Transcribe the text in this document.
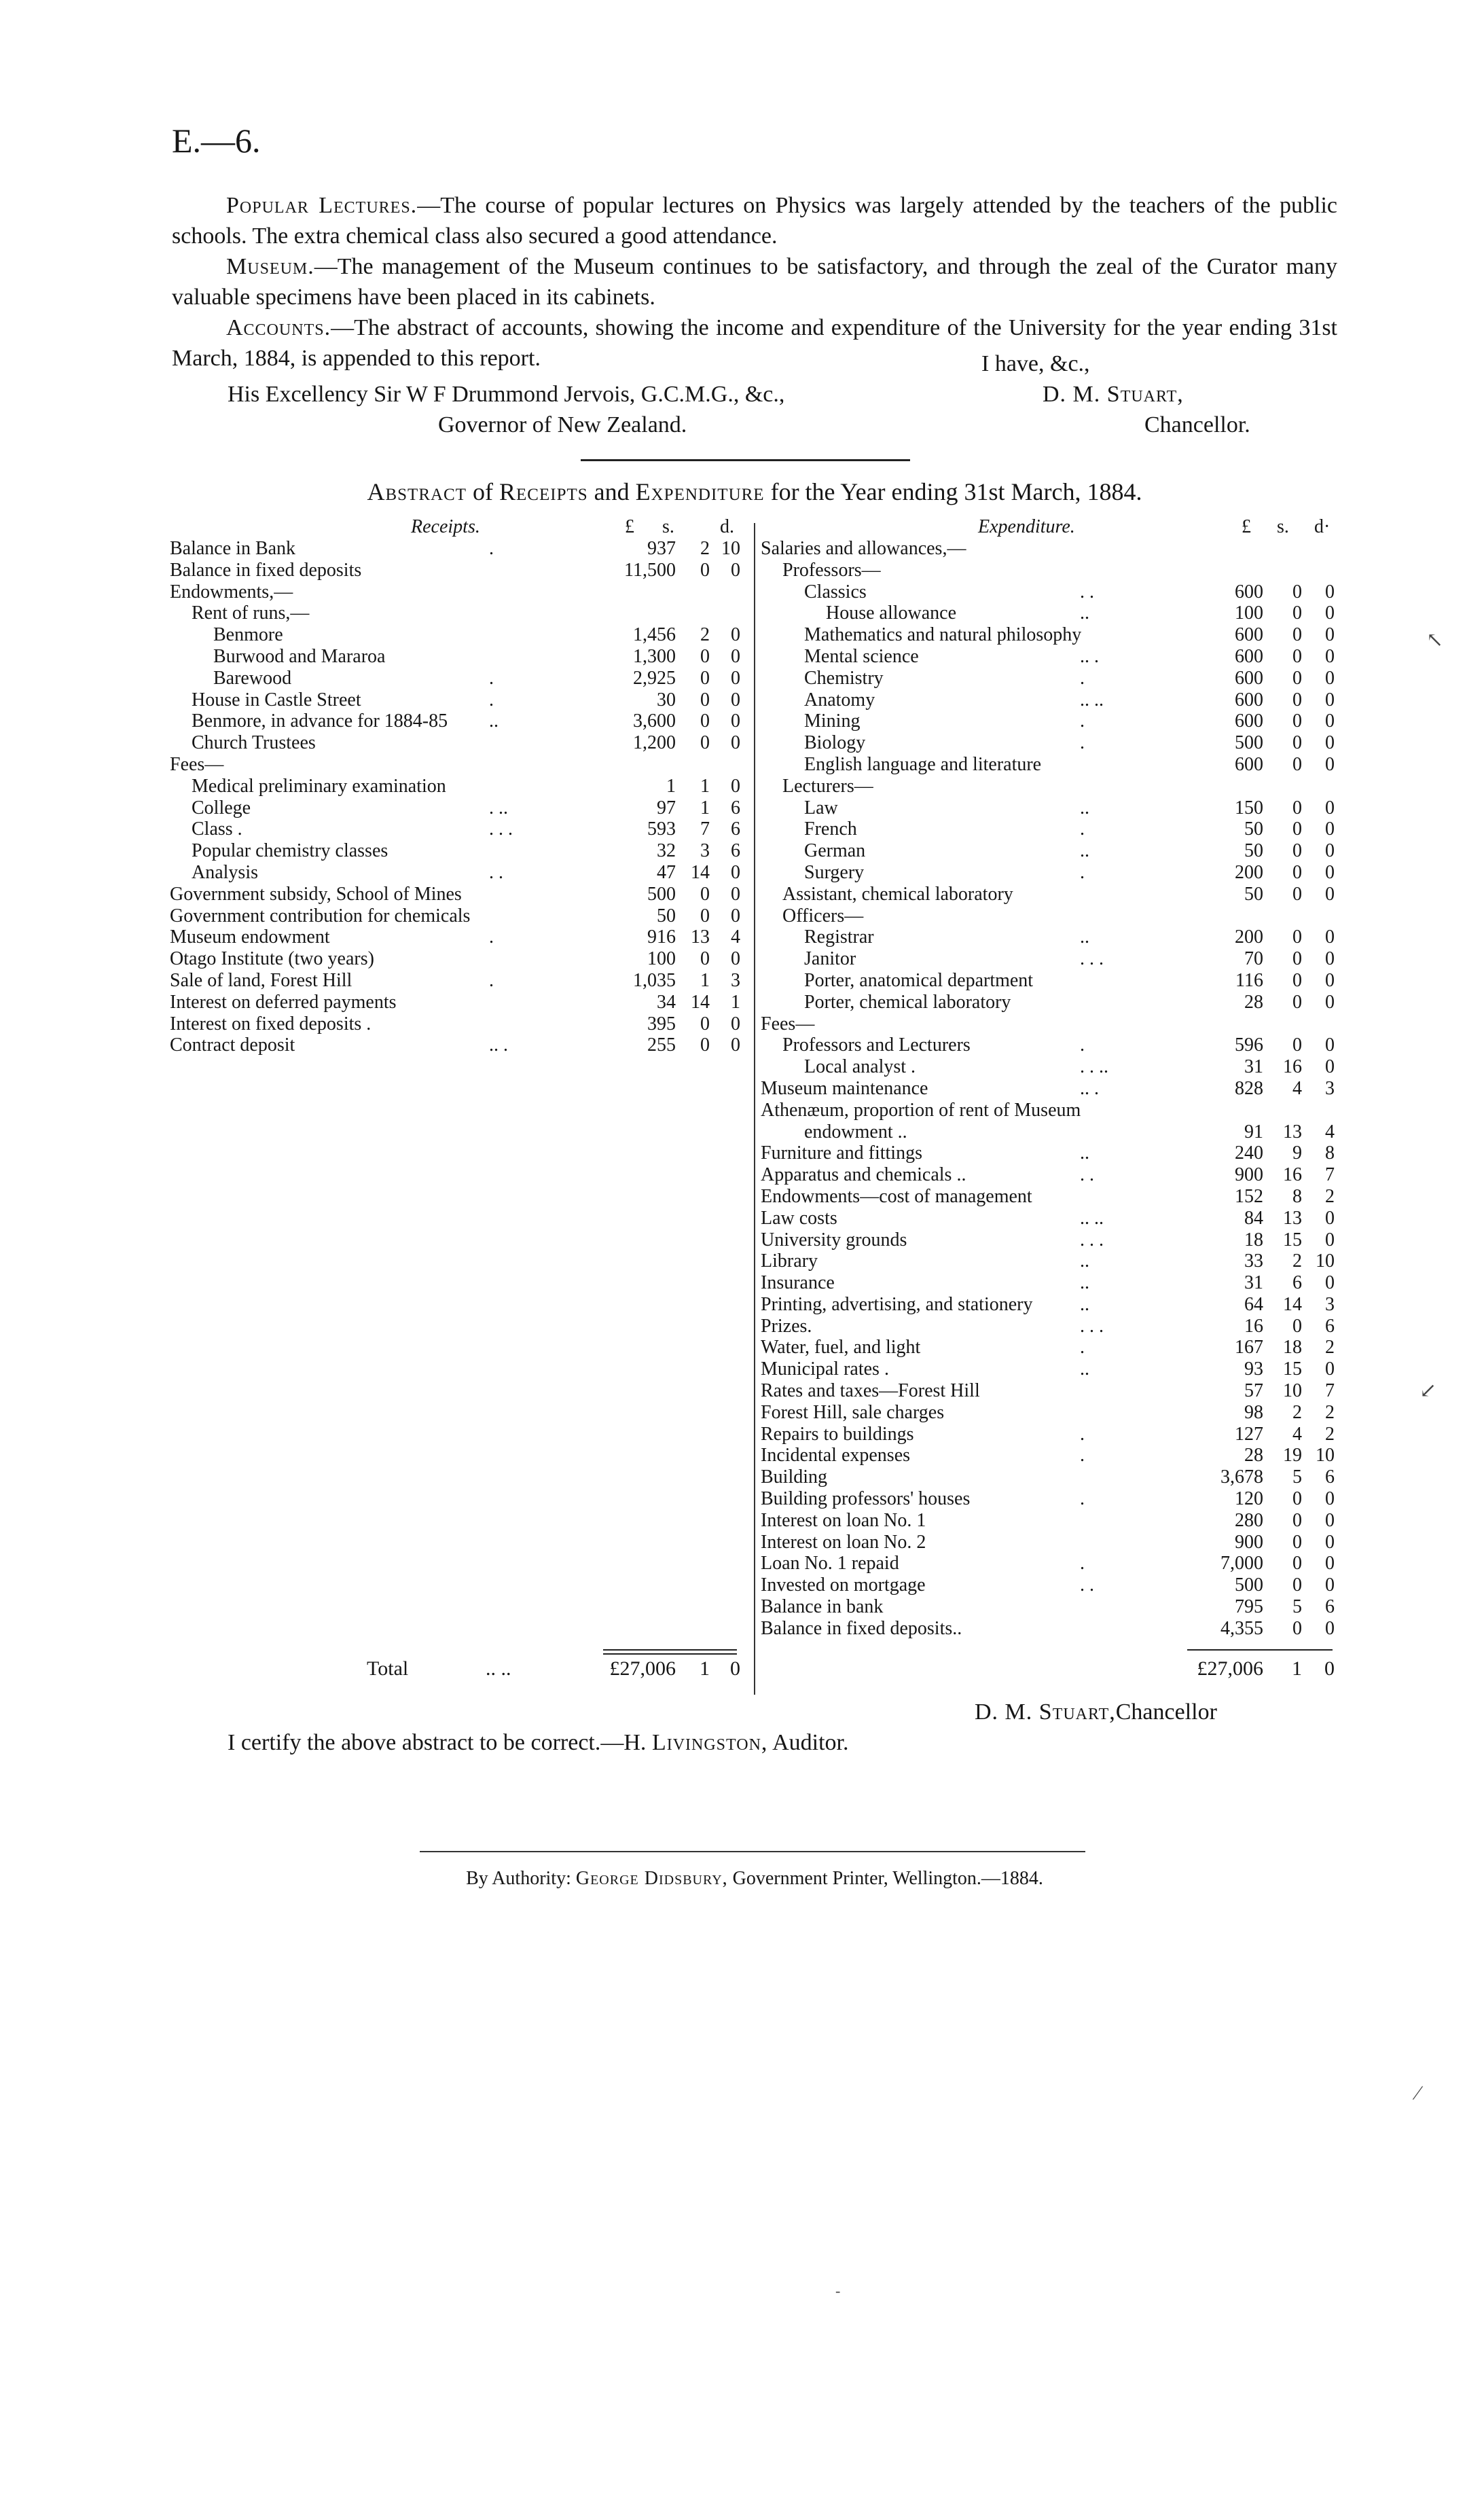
E.—6.

Popular Lectures.—The course of popular lectures on Physics was largely attended by the teachers of the public schools. The extra chemical class also secured a good attendance.

Museum.—The management of the Museum continues to be satisfactory, and through the zeal of the Curator many valuable specimens have been placed in its cabinets.

Accounts.—The abstract of accounts, showing the income and expenditure of the University for the year ending 31st March, 1884, is appended to this report.	I have, &c.,
His Excellency Sir W F Drummond Jervois, G.C.M.G., &c.,	D. M. Stuart,
Governor of New Zealand.	Chancellor.
Abstract of Receipts and Expenditure for the Year ending 31st March, 1884.
Receipts.	£ s. d.	Expenditure.	£ s. d·
Balance in Bank	.	937	2 10
Balance in fixed deposits	11,500	0	0
Endowments,—
Rent of runs,—
Benmore	1,456	2	0
Burwood and Mararoa	1,300	0	0
Barewood	.	2,925	0	0
House in Castle Street	.	30	0	0
Benmore, in advance for 1884-85 ..	3,600	0	0
Church Trustees	1,200	0	0
Fees—
Medical preliminary examination	1	1	0
College	. ..	97	1	6
Class .	. . .	593	7	6
Popular chemistry classes	32	3	6
Analysis	. .	47 14	0
Government subsidy, School of Mines	500	0	0
Government contribution for chemicals	50	0	0
Museum endowment	.	916 13	4
Otago Institute (two years)	100	0	0
Sale of land, Forest Hill	.	1,035	1	3
Interest on deferred payments	34 14	1
Interest on fixed deposits .	395	0	0
Contract deposit	.. .	255	0	0
Salaries and allowances,—
Professors—
Classics	. .	600	0	0
House allowance	..	100	0	0
Mathematics and natural philosophy	600	0	0
Mental science	.. .	600	0	0
Chemistry	.	600	0	0
Anatomy	.. ..	600	0	0
Mining	.	600	0	0
Biology	.	500	0	0
English language and literature	600	0	0
Lecturers—
Law	..	150	0	0
French	.	50	0	0
German	..	50	0	0
Surgery	.	200	0	0
Assistant, chemical laboratory	50	0	0
Officers—
Registrar	..	200	0	0
Janitor	. . .	70	0	0
Porter, anatomical department	116	0	0
Porter, chemical laboratory	28	0	0
Fees—
Professors and Lecturers	.	596	0	0
Local analyst .	. . ..	31	16	0
Museum maintenance	.. .	828	4	3
Athenæum, proportion of rent of Museum
endowment ..	91	13	4
Furniture and fittings	..	240	9	8
Apparatus and chemicals ..	. .	900	16	7
Endowments—cost of management	152	8	2
Law costs	.. ..	84	13	0
University grounds	. . .	18	15	0
Library	..	33	2 10
Insurance	..	31	6	0
Printing, advertising, and stationery ..	64	14	3
Prizes.	. . .	16	0	6
Water, fuel, and light	.	167	18	2
Municipal rates .	..	93	15	0
Rates and taxes—Forest Hill	57	10	7
Forest Hill, sale charges	98	2	2
Repairs to buildings	.	127	4	2
Incidental expenses	.	28	19 10
Building	3,678	5	6
Building professors' houses	.	120	0	0
Interest on loan No. 1	280	0	0
Interest on loan No. 2	900	0	0
Loan No. 1 repaid	.	7,000	0	0
Invested on mortgage	. .	500	0	0
Balance in bank	795	5	6
Balance in fixed deposits..	4,355	0	0
Total	.. ..	£27,006	1	0	£27,006	1	0
D. M. Stuart,Chancellor
I certify the above abstract to be correct.—H. Livingston, Auditor.
By Authority: George Didsbury, Government Printer, Wellington.—1884.
↖
↙
⁄
-
